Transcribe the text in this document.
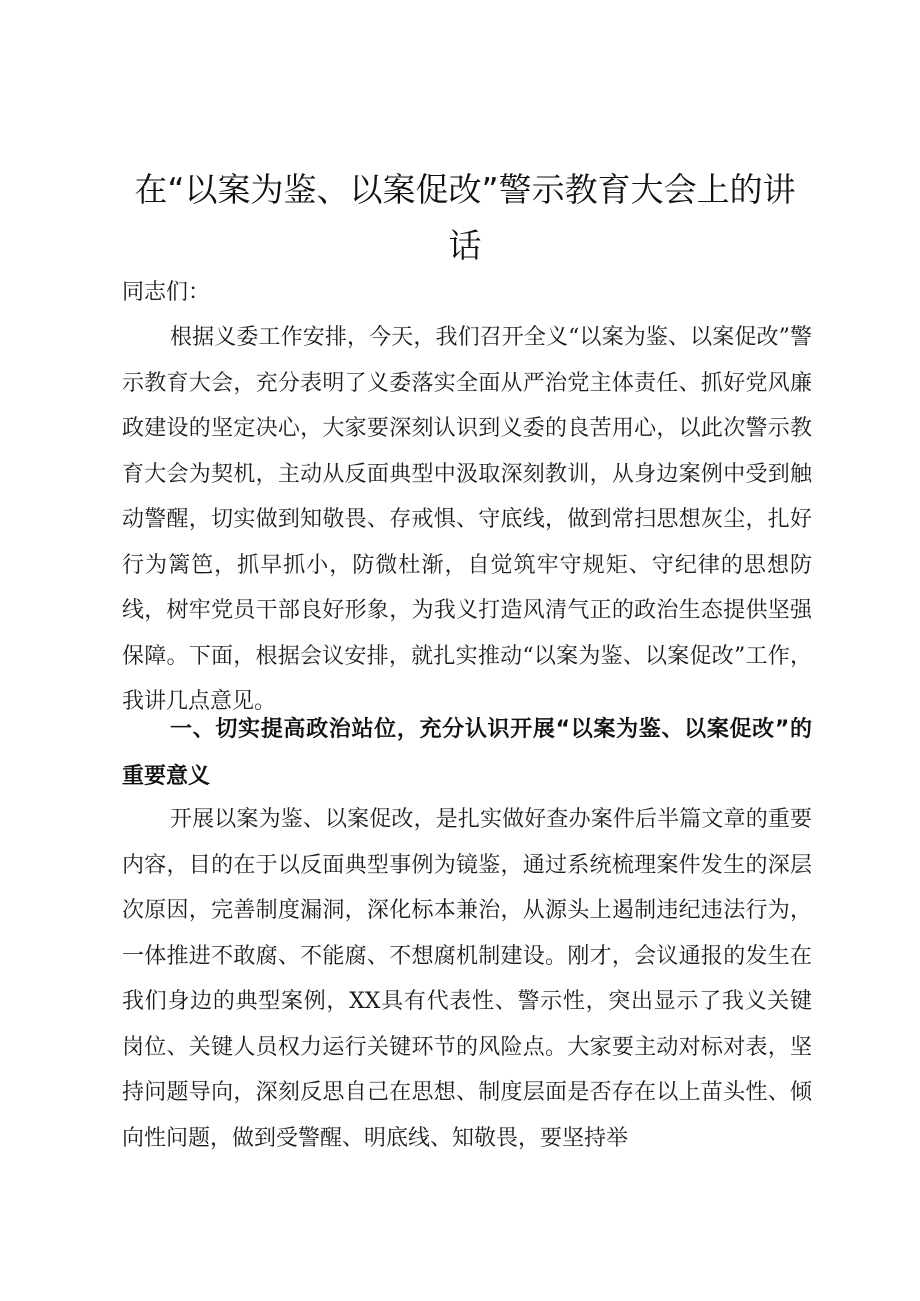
在“以案为鉴、以案促改”警示教育大会上的讲话

同志们：

根据义委工作安排，今天，我们召开全义“以案为鉴、以案促改”警示教育大会，充分表明了义委落实全面从严治党主体责任、抓好党风廉政建设的坚定决心，大家要深刻认识到义委的良苦用心，以此次警示教育大会为契机，主动从反面典型中汲取深刻教训，从身边案例中受到触动警醒，切实做到知敬畏、存戒惧、守底线，做到常扫思想灰尘，扎好行为篱笆，抓早抓小，防微杜渐，自觉筑牢守规矩、守纪律的思想防线，树牢党员干部良好形象，为我义打造风清气正的政治生态提供坚强保障。下面，根据会议安排，就扎实推动“以案为鉴、以案促改”工作，我讲几点意见。

一、切实提高政治站位，充分认识开展“以案为鉴、以案促改”的重要意义

开展以案为鉴、以案促改，是扎实做好查办案件后半篇文章的重要内容，目的在于以反面典型事例为镜鉴，通过系统梳理案件发生的深层次原因，完善制度漏洞，深化标本兼治，从源头上遏制违纪违法行为，一体推进不敢腐、不能腐、不想腐机制建设。刚才，会议通报的发生在我们身边的典型案例，XX具有代表性、警示性，突出显示了我义关键岗位、关键人员权力运行关键环节的风险点。大家要主动对标对表，坚持问题导向，深刻反思自己在思想、制度层面是否存在以上苗头性、倾向性问题，做到受警醒、明底线、知敬畏，要坚持举
